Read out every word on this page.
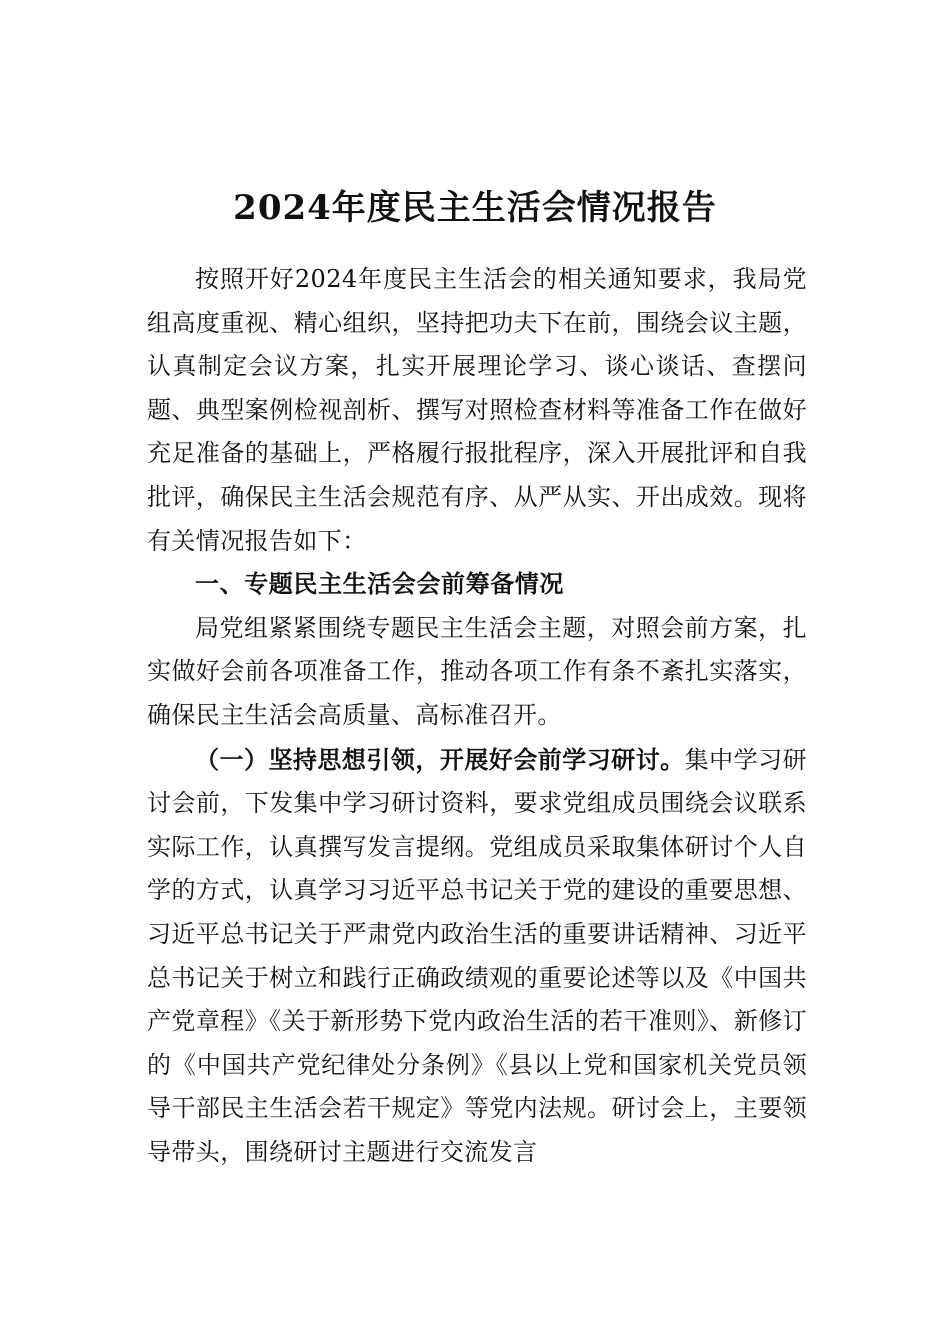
2024年度民主生活会情况报告

按照开好2024年度民主生活会的相关通知要求，我局党组高度重视、精心组织，坚持把功夫下在前，围绕会议主题，认真制定会议方案，扎实开展理论学习、谈心谈话、查摆问题、典型案例检视剖析、撰写对照检查材料等准备工作在做好充足准备的基础上，严格履行报批程序，深入开展批评和自我批评，确保民主生活会规范有序、从严从实、开出成效。现将有关情况报告如下：

一、专题民主生活会会前筹备情况

局党组紧紧围绕专题民主生活会主题，对照会前方案，扎实做好会前各项准备工作，推动各项工作有条不紊扎实落实，确保民主生活会高质量、高标准召开。

（一）坚持思想引领，开展好会前学习研讨。集中学习研讨会前，下发集中学习研讨资料，要求党组成员围绕会议联系实际工作，认真撰写发言提纲。党组成员采取集体研讨个人自学的方式，认真学习习近平总书记关于党的建设的重要思想、习近平总书记关于严肃党内政治生活的重要讲话精神、习近平总书记关于树立和践行正确政绩观的重要论述等以及《中国共产党章程》《关于新形势下党内政治生活的若干准则》、新修订的《中国共产党纪律处分条例》《县以上党和国家机关党员领导干部民主生活会若干规定》等党内法规。研讨会上，主要领导带头，围绕研讨主题进行交流发言
